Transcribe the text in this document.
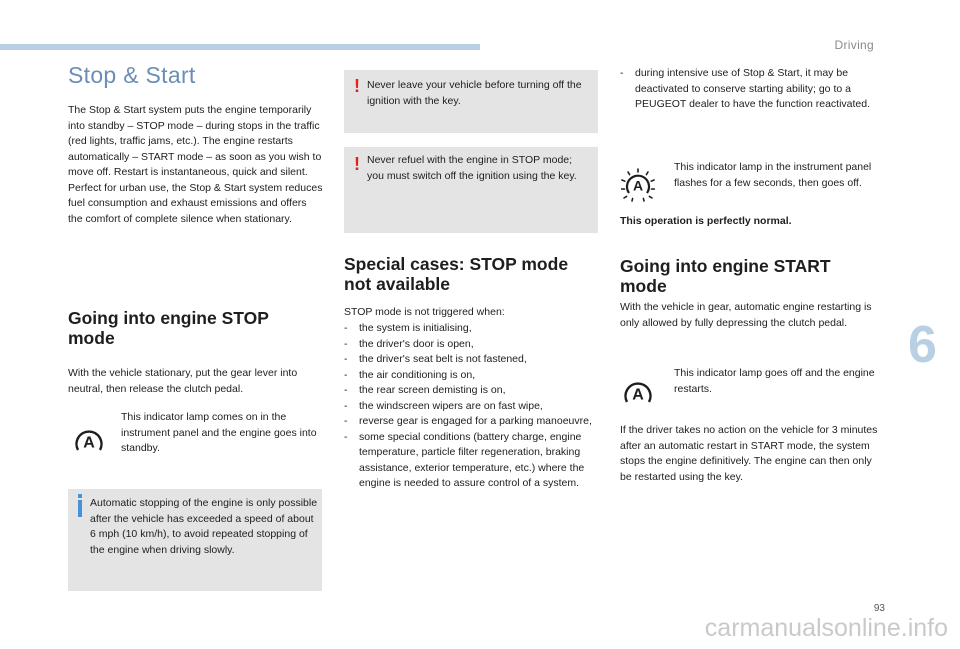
Driving
Stop & Start

The Stop & Start system puts the engine temporarily into standby – STOP mode – during stops in the traffic (red lights, traffic jams, etc.). The engine restarts automatically – START mode – as soon as you wish to move off. Restart is instantaneous, quick and silent. Perfect for urban use, the Stop & Start system reduces fuel consumption and exhaust emissions and offers the comfort of complete silence when stationary.

Going into engine STOP mode

With the vehicle stationary, put the gear lever into neutral, then release the clutch pedal.

A

This indicator lamp comes on in the instrument panel and the engine goes into standby.

Automatic stopping of the engine is only possible after the vehicle has exceeded a speed of about 6 mph (10 km/h), to avoid repeated stopping of the engine when driving slowly.

! Never leave your vehicle before turning off the ignition with the key.

! Never refuel with the engine in STOP mode; you must switch off the ignition using the key.

Special cases: STOP mode not available

STOP mode is not triggered when:

- the system is initialising,
- the driver's door is open,
- the driver's seat belt is not fastened,
- the air conditioning is on,
- the rear screen demisting is on,
- the windscreen wipers are on fast wipe,
- reverse gear is engaged for a parking manoeuvre,
- some special conditions (battery charge, engine temperature, particle filter regeneration, braking assistance, exterior temperature, etc.) where the engine is needed to assure control of a system.
- during intensive use of Stop & Start, it may be deactivated to conserve starting ability; go to a PEUGEOT dealer to have the function reactivated.
A

This indicator lamp in the instrument panel flashes for a few seconds, then goes off.

This operation is perfectly normal.

Going into engine START mode

With the vehicle in gear, automatic engine restarting is only allowed by fully depressing the clutch pedal.

A

This indicator lamp goes off and the engine restarts.

If the driver takes no action on the vehicle for 3 minutes after an automatic restart in START mode, the system stops the engine definitively. The engine can then only be restarted using the key.

6
93
carmanualsonline.info
